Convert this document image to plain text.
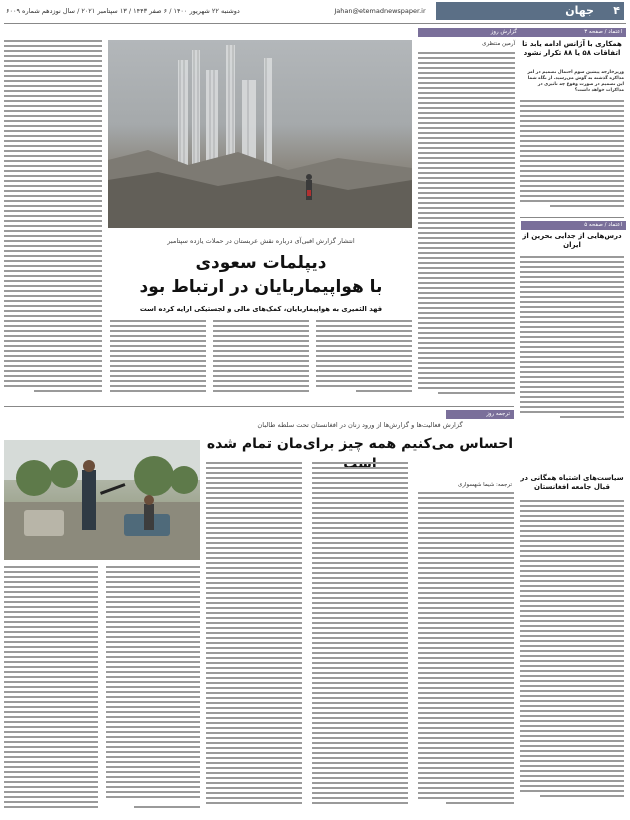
دوشنبه ۲۲ شهریور ۱۴۰۰ / ۶ صفر ۱۴۴۳ / ۱۳ سپتامبر ۲۰۲۱ / سال نوزدهم شماره ۶۰۰۹	Jahan@etemadnewspaper.ir	جهان ۴
اعتماد / صفحه ۳
همکاری با آژانس ادامه یابد تا اتفاقات ۵۸ یا ۸۸ تکرار نشود
وزیرخارجه پیشین سوم احتمال تصمیم در امر مذاکره گذشته به گوش می‌رسید. از نگاه شما این تصمیم در صورت وقوع چه تاثیری در مذاکرات خواهد داشت؟
اعتماد / صفحه ۵
درس‌هایی از جدایی بحرین از ایران
سیاست‌های اشتباه همگانی در قبال جامعه افغانستان
گزارش روز
آرمین منتظری
انتشار گزارش افبی‌آی درباره نقش عربستان در حملات یازده سپتامبر
دیپلمات سعودی
با هواپیماربایان در ارتباط بود
فهد الثمیری به هواپیماربایان، کمک‌های مالی و لجستیکی ارایه کرده است
ترجمه روز
گزارش فعالیت‌ها و گزارش‌ها از ورود زنان در افغانستان تحت سلطه طالبان
احساس می‌کنیم همه چیز برای‌مان تمام شده
ترجمه: شیما شهسواری
